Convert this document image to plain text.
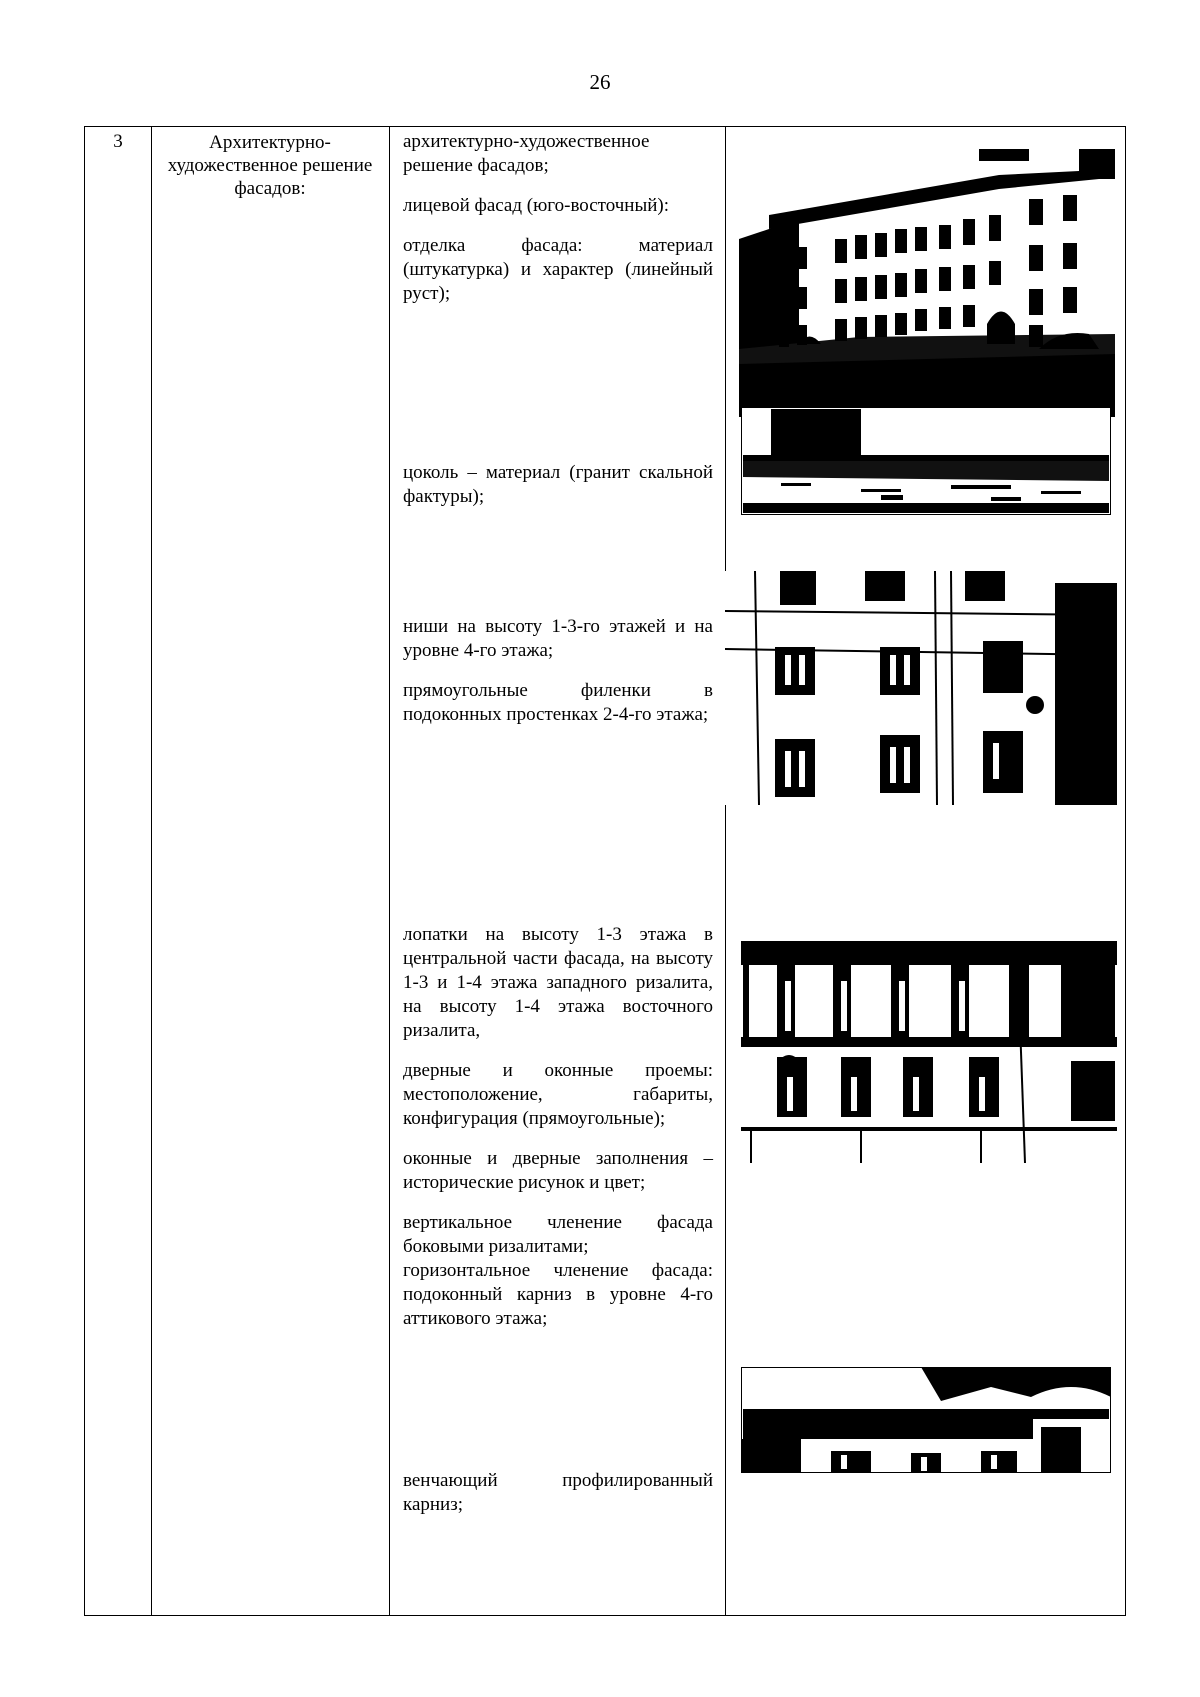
26
3	Архитектурно-художественное решение фасадов:

архитектурно-художественное решение фасадов;

лицевой фасад (юго-восточный):

отделка фасада: материал (штукатурка) и характер (линейный руст);

цоколь – материал (гранит скальной фактуры);

ниши на высоту 1-3-го этажей и на уровне 4-го этажа;

прямоугольные филенки в подоконных простенках 2-4-го этажа;

лопатки на высоту 1-3 этажа в центральной части фасада, на высоту 1-3 и 1-4 этажа западного ризалита, на высоту 1-4 этажа восточного ризалита,

дверные и оконные проемы: местоположение, габариты, конфигурация (прямоугольные);

оконные и дверные заполнения – исторические рисунок и цвет;

вертикальное членение фасада боковыми ризалитами;

горизонтальное членение фасада: подоконный карниз в уровне 4-го аттикового этажа;

венчающий профилированный карниз;
